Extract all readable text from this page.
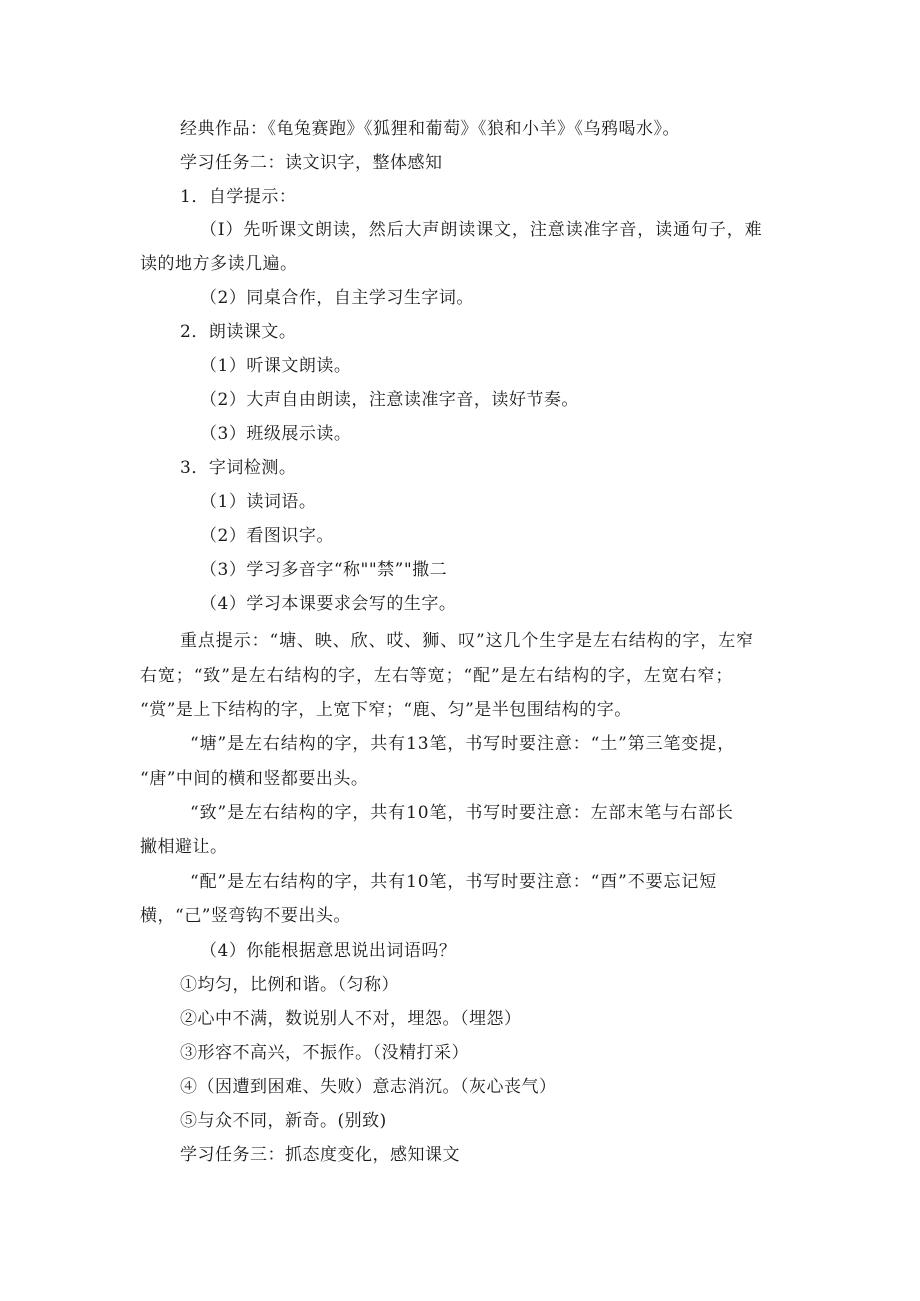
经典作品：《龟兔赛跑》《狐狸和葡萄》《狼和小羊》《乌鸦喝水》。
学习任务二：读文识字，整体感知
1．自学提示：
（I）先听课文朗读，然后大声朗读课文，注意读准字音，读通句子，难
读的地方多读几遍。
（2）同桌合作，自主学习生字词。
2．朗读课文。
（1）听课文朗读。
（2）大声自由朗读，注意读准字音，读好节奏。
（3）班级展示读。
3．字词检测。
（1）读词语。
（2）看图识字。
（3）学习多音字“称""禁”"撒二
（4）学习本课要求会写的生字。
重点提示：“塘、映、欣、哎、狮、叹”这几个生字是左右结构的字，左窄
右宽；“致”是左右结构的字，左右等宽；“配”是左右结构的字，左宽右窄；
“赏”是上下结构的字，上宽下窄；“鹿、匀”是半包围结构的字。
“塘”是左右结构的字，共有13笔，书写时要注意：“土”第三笔变提，
“唐”中间的横和竖都要出头。
“致”是左右结构的字，共有10笔，书写时要注意：左部末笔与右部长
撇相避让。
“配”是左右结构的字，共有10笔，书写时要注意：“酉”不要忘记短
横，“己”竖弯钩不要出头。
（4）你能根据意思说出词语吗？
①均匀，比例和谐。（匀称）
②心中不满，数说别人不对，埋怨。（埋怨）
③形容不高兴，不振作。（没精打采）
④（因遭到困难、失败）意志消沉。（灰心丧气）
⑤与众不同，新奇。(别致)
学习任务三：抓态度变化，感知课文
